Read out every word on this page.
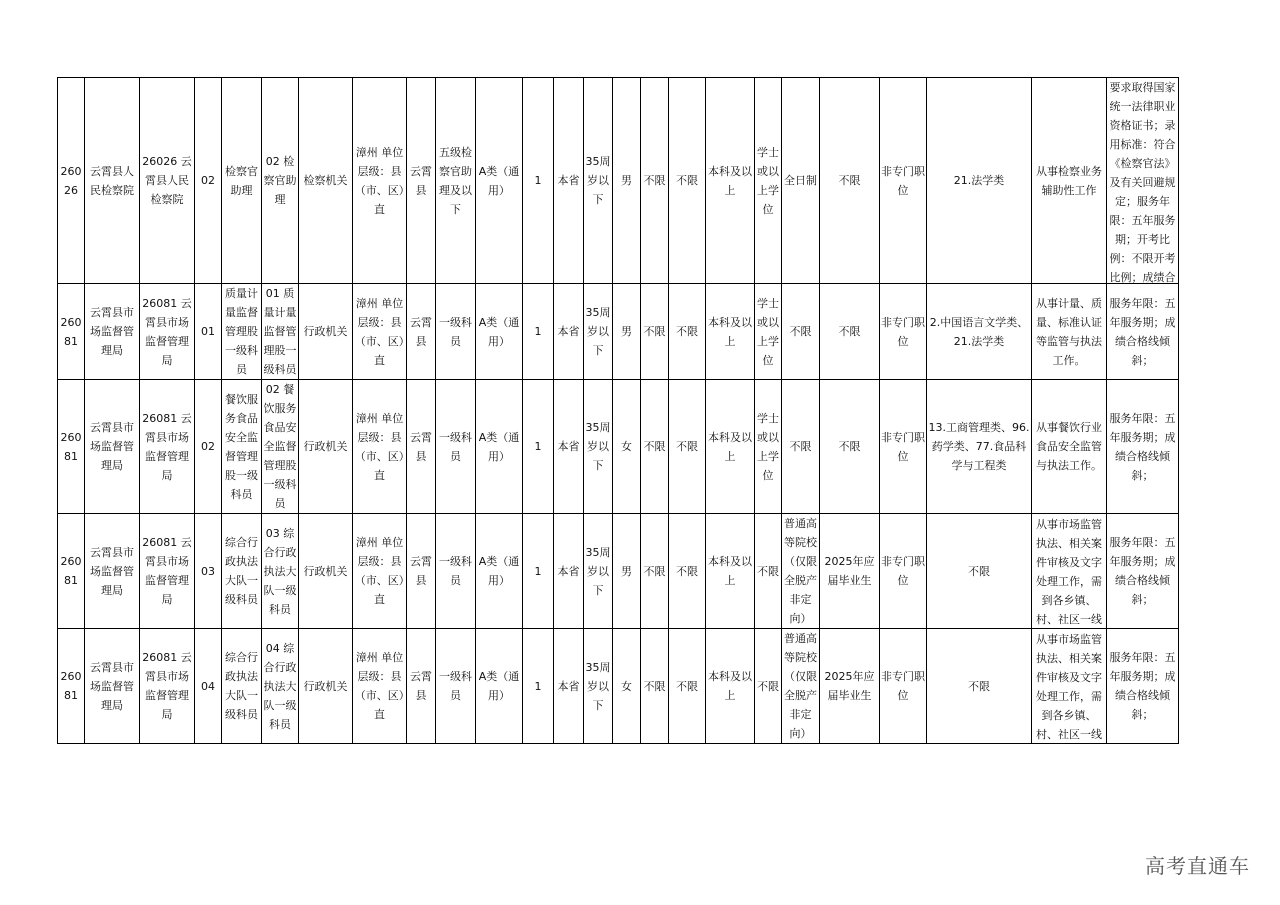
26026	云霄县人民检察院	26026 云霄县人民检察院	02	检察官助理	02 检察官助理	检察机关	漳州 单位层级：县（市、区）直	云霄县	五级检察官助理及以下	A类（通用）	1	本省	35周岁以下	男	不限	不限	本科及以上	学士或以上学位	全日制	不限	非专门职位	21.法学类	从事检察业务辅助性工作	要求取得国家统一法律职业资格证书；录用标准：符合《检察官法》及有关回避规定；服务年限：五年服务期；开考比例：不限开考比例；成绩合

26081	云霄县市场监督管理局	26081 云霄县市场监督管理局	01	质量计量监督管理股一级科员	01 质量计量监督管理股一级科员	行政机关	漳州 单位层级：县（市、区）直	云霄县	一级科员	A类（通用）	1	本省	35周岁以下	男	不限	不限	本科及以上	学士或以上学位	不限	不限	非专门职位	2.中国语言文学类、21.法学类	从事计量、质量、标准认证等监管与执法工作。	服务年限：五年服务期；成绩合格线倾斜；
26081	云霄县市场监督管理局	26081 云霄县市场监督管理局	02	餐饮服务食品安全监督管理股一级科员	02 餐饮服务食品安全监督管理股一级科员	行政机关	漳州 单位层级：县（市、区）直	云霄县	一级科员	A类（通用）	1	本省	35周岁以下	女	不限	不限	本科及以上	学士或以上学位	不限	不限	非专门职位	13.工商管理类、96.药学类、77.食品科学与工程类	从事餐饮行业食品安全监管与执法工作。	服务年限：五年服务期；成绩合格线倾斜；
26081	云霄县市场监督管理局	26081 云霄县市场监督管理局	03	综合行政执法大队一级科员	03 综合行政执法大队一级科员	行政机关	漳州 单位层级：县（市、区）直	云霄县	一级科员	A类（通用）	1	本省	35周岁以下	男	不限	不限	本科及以上	不限	普通高等院校（仅限全脱产非定向）	2025年应届毕业生	非专门职位	不限	从事市场监管执法、相关案件审核及文字处理工作，需到各乡镇、村、社区一线	服务年限：五年服务期；成绩合格线倾斜；
26081	云霄县市场监督管理局	26081 云霄县市场监督管理局	04	综合行政执法大队一级科员	04 综合行政执法大队一级科员	行政机关	漳州 单位层级：县（市、区）直	云霄县	一级科员	A类（通用）	1	本省	35周岁以下	女	不限	不限	本科及以上	不限	普通高等院校（仅限全脱产非定向）	2025年应届毕业生	非专门职位	不限	从事市场监管执法、相关案件审核及文字处理工作，需到各乡镇、村、社区一线	服务年限：五年服务期；成绩合格线倾斜；
高考直通车
